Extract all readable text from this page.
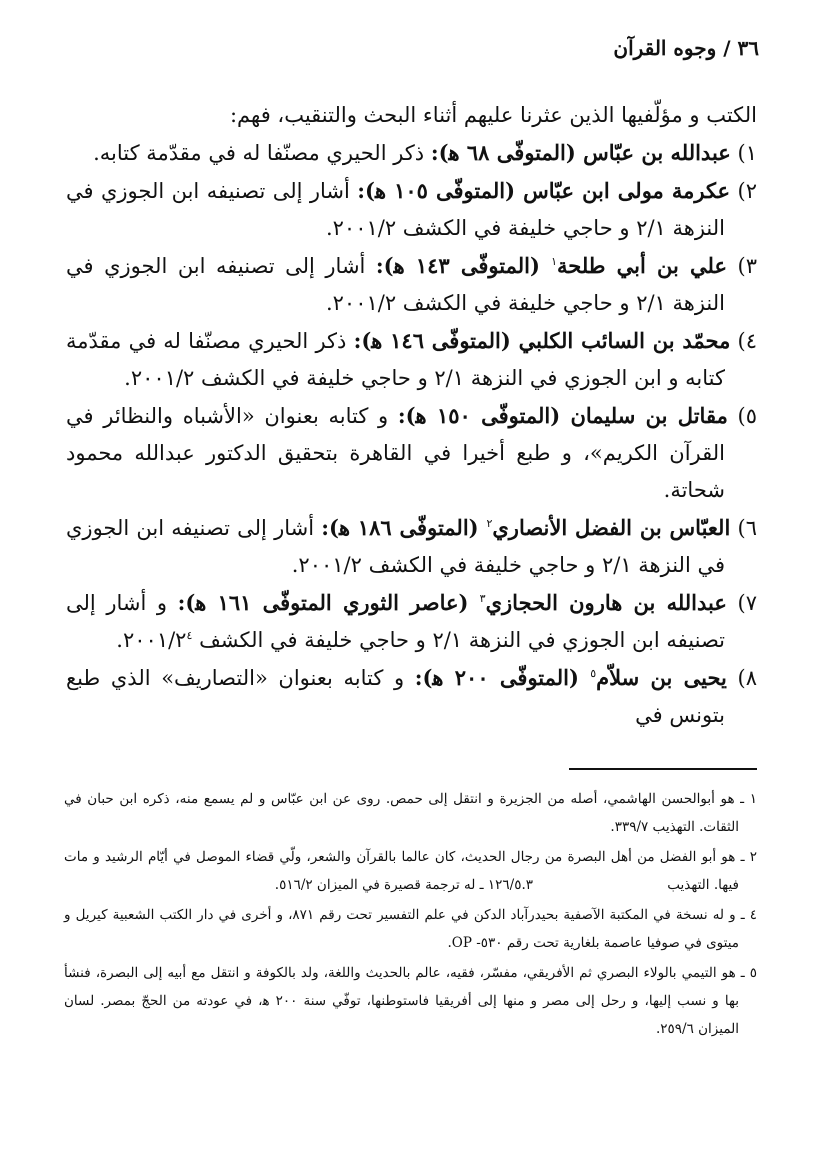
٣٦ / وجوه القرآن

الكتب و مؤلّفيها الذين عثرنا عليهم أثناء البحث والتنقيب، فهم:

١) عبدالله بن عبّاس (المتوفّى ٦٨ ﻫ): ذكر الحيري مصنّفا له في مقدّمة كتابه.

٢) عكرمة مولى ابن عبّاس (المتوفّى ١٠٥ ﻫ): أشار إلى تصنيفه ابن الجوزي في النزهة ٢/١ و حاجي خليفة في الكشف ٢٠٠١/٢.

٣) علي بن أبي طلحة$^١$ (المتوفّى ١٤٣ ﻫ): أشار إلى تصنيفه ابن الجوزي في النزهة ٢/١ و حاجي خليفة في الكشف ٢٠٠١/٢.

٤) محمّد بن السائب الكلبي (المتوفّى ١٤٦ ﻫ): ذكر الحيري مصنّفا له في مقدّمة كتابه و ابن الجوزي في النزهة ٢/١ و حاجي خليفة في الكشف ٢٠٠١/٢.

٥) مقاتل بن سليمان (المتوفّى ١٥٠ ﻫ): و كتابه بعنوان «الأشباه والنظائر في القرآن الكريم»، و طبع أخيرا في القاهرة بتحقيق الدكتور عبدالله محمود شحاتة.

٦) العبّاس بن الفضل الأنصاري$^٢$ (المتوفّى ١٨٦ ﻫ): أشار إلى تصنيفه ابن الجوزي في النزهة ٢/١ و حاجي خليفة في الكشف ٢٠٠١/٢.

٧) عبدالله بن هارون الحجازي$^٣$ (عاصر الثوري المتوفّى ١٦١ ﻫ): و أشار إلى تصنيفه ابن الجوزي في النزهة ٢/١ و حاجي خليفة في الكشف $٢٠٠١/٢^٤$.

٨) يحيى بن سلاّم$^٥$ (المتوفّى ٢٠٠ ﻫ): و كتابه بعنوان «التصاريف» الذي طبع بتونس في

١ ـ هو أبوالحسن الهاشمي، أصله من الجزيرة و انتقل إلى حمص. روى عن ابن عبّاس و لم يسمع منه، ذكره ابن حبان في الثقات. التهذيب ٣٣٩/٧.

٢ ـ هو أبو الفضل من أهل البصرة من رجال الحديث، كان عالما بالقرآن والشعر، ولّي قضاء الموصل في أيّام الرشيد و مات فيها. التهذيب ١٢٦/٥.٣ ـ له ترجمة قصيرة في الميزان ٥١٦/٢.

٤ ـ و له نسخة في المكتبة الآصفية بحيدرآباد الدكن في علم التفسير تحت رقم ٨٧١، و أخرى في دار الكتب الشعبية كيريل و ميتوى في صوفيا عاصمة بلغارية تحت رقم ٥٣٠- OP.

٥ ـ هو التيمي بالولاء البصري ثم الأفريقي، مفسّر، فقيه، عالم بالحديث واللغة، ولد بالكوفة و انتقل مع أبيه إلى البصرة، فنشأ بها و نسب إليها، و رحل إلى مصر و منها إلى أفريقيا فاستوطنها، توفّي سنة ٢٠٠ ﻫ، في عودته من الحجّ بمصر. لسان الميزان ٢٥٩/٦.
